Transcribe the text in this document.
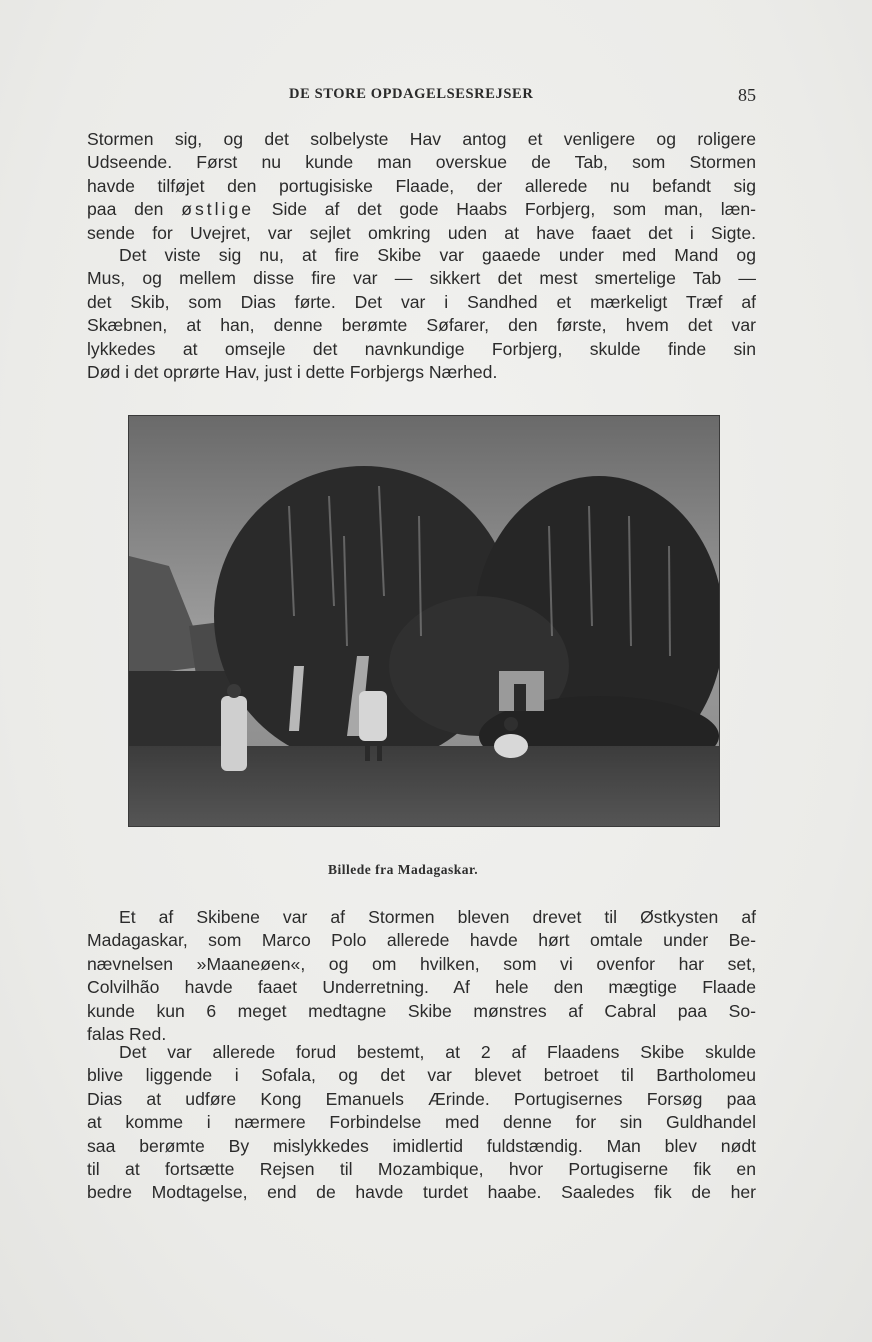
DE STORE OPDAGELSESREJSER	85
Stormen sig, og det solbelyste Hav antog et venligere og roligere
Udseende. Først nu kunde man overskue de Tab, som Stormen
havde tilføjet den portugisiske Flaade, der allerede nu befandt sig
paa den østlige Side af det gode Haabs Forbjerg, som man, læn-
sende for Uvejret, var sejlet omkring uden at have faaet det i Sigte.
Det viste sig nu, at fire Skibe var gaaede under med Mand og
Mus, og mellem disse fire var — sikkert det mest smertelige Tab —
det Skib, som Dias førte. Det var i Sandhed et mærkeligt Træf af
Skæbnen, at han, denne berømte Søfarer, den første, hvem det var
lykkedes at omsejle det navnkundige Forbjerg, skulde finde sin
Død i det oprørte Hav, just i dette Forbjergs Nærhed.
Billede fra Madagaskar.
Et af Skibene var af Stormen bleven drevet til Østkysten af
Madagaskar, som Marco Polo allerede havde hørt omtale under Be-
nævnelsen »Maaneøen«, og om hvilken, som vi ovenfor har set,
Colvilhão havde faaet Underretning. Af hele den mægtige Flaade
kunde kun 6 meget medtagne Skibe mønstres af Cabral paa So-
falas Red.
Det var allerede forud bestemt, at 2 af Flaadens Skibe skulde
blive liggende i Sofala, og det var blevet betroet til Bartholomeu
Dias at udføre Kong Emanuels Ærinde. Portugisernes Forsøg paa
at komme i nærmere Forbindelse med denne for sin Guldhandel
saa berømte By mislykkedes imidlertid fuldstændig. Man blev nødt
til at fortsætte Rejsen til Mozambique, hvor Portugiserne fik en
bedre Modtagelse, end de havde turdet haabe. Saaledes fik de her
